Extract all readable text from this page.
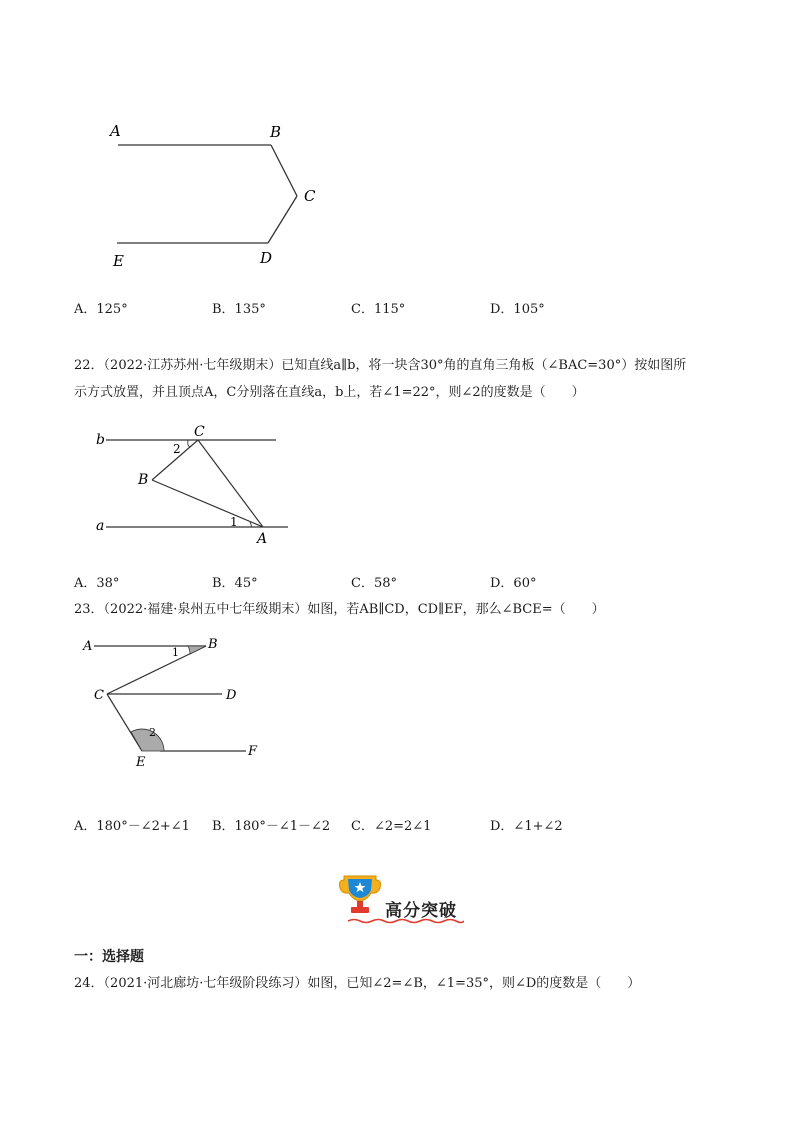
A	B
C
D
E
A．125°	B．135°	C．115°	D．105°
22．（2022·江苏苏州·七年级期末）已知直线a∥b，将一块含30°角的直角三角板（∠BAC=30°）按如图所
示方式放置，并且顶点A，C分别落在直线a，b上，若∠1=22°，则∠2的度数是（　　）
b
a
C
B
A
1
2
A．38°	B．45°	C．58°	D．60°
23．（2022·福建·泉州五中七年级期末）如图，若AB∥CD，CD∥EF，那么∠BCE=（　　）
A	B
C	D
E
F
1
2
A．180°－∠2+∠1 B．180°－∠1－∠2 C．∠2=2∠1	D．∠1+∠2
高分突破
一：选择题
24．（2021·河北廊坊·七年级阶段练习）如图，已知∠2=∠B，∠1=35°，则∠D的度数是（　　）
